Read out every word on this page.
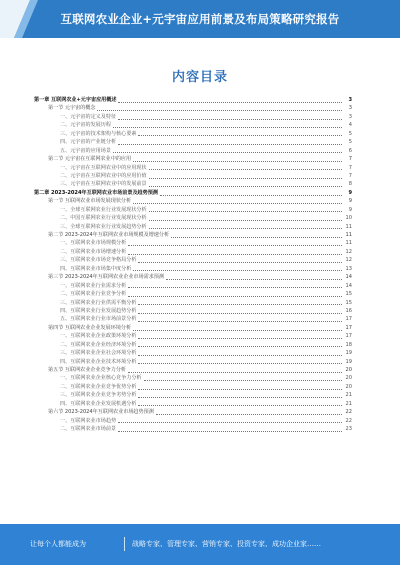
互联网农业企业+元宇宙应用前景及布局策略研究报告
内容目录
第一章 互联网农业+元宇宙应用概述	3
第一节 元宇宙的概念	3
一、元宇宙的定义及特征	3
二、元宇宙的发展历程	4
三、元宇宙的技术架构与核心要素	5
四、元宇宙的产业链分析	5
五、元宇宙的应用场景	6
第二节 元宇宙在互联网农业中的应用	7
一、元宇宙在互联网农业中的应用现状	7
二、元宇宙在互联网农业中的应用价值	7
三、元宇宙在互联网农业中的发展前景	8
第二章 2023-2024年互联网农业市场前景及趋势预测	9
第一节 互联网农业市场发展现状分析	9
一、全球互联网农业行业发展现状分析	9
二、中国互联网农业行业发展现状分析	10
三、全球互联网农业行业发展趋势分析	11
第二节 2023-2024年互联网农业市场规模及增速分析	11
一、互联网农业市场规模分析	11
二、互联网农业市场增速分析	12
三、互联网农业市场竞争格局分析	12
四、互联网农业市场集中度分析	13
第三节 2023-2024年互联网农业企业市场需求预测	14
一、互联网农业行业需求分析	14
二、互联网农业行业竞争分析	15
三、互联网农业行业供需平衡分析	15
四、互联网农业行业发展趋势分析	16
五、互联网农业行业市场前景分析	17
第四节 互联网农业企业发展环境分析	17
一、互联网农业企业政策环境分析	17
二、互联网农业企业经济环境分析	18
三、互联网农业企业社会环境分析	19
四、互联网农业企业技术环境分析	19
第五节 互联网农业企业竞争力分析	20
一、互联网农业企业核心竞争力分析	20
二、互联网农业企业竞争优势分析	20
三、互联网农业企业竞争劣势分析	21
四、互联网农业企业发展机遇分析	21
第六节 2023-2024年互联网农业市场趋势预测	22
一、互联网农业市场趋势	22
二、互联网农业市场前景	23
让每个人都能成为	战略专家、管理专家、营销专家、投资专家、成功企业家……
